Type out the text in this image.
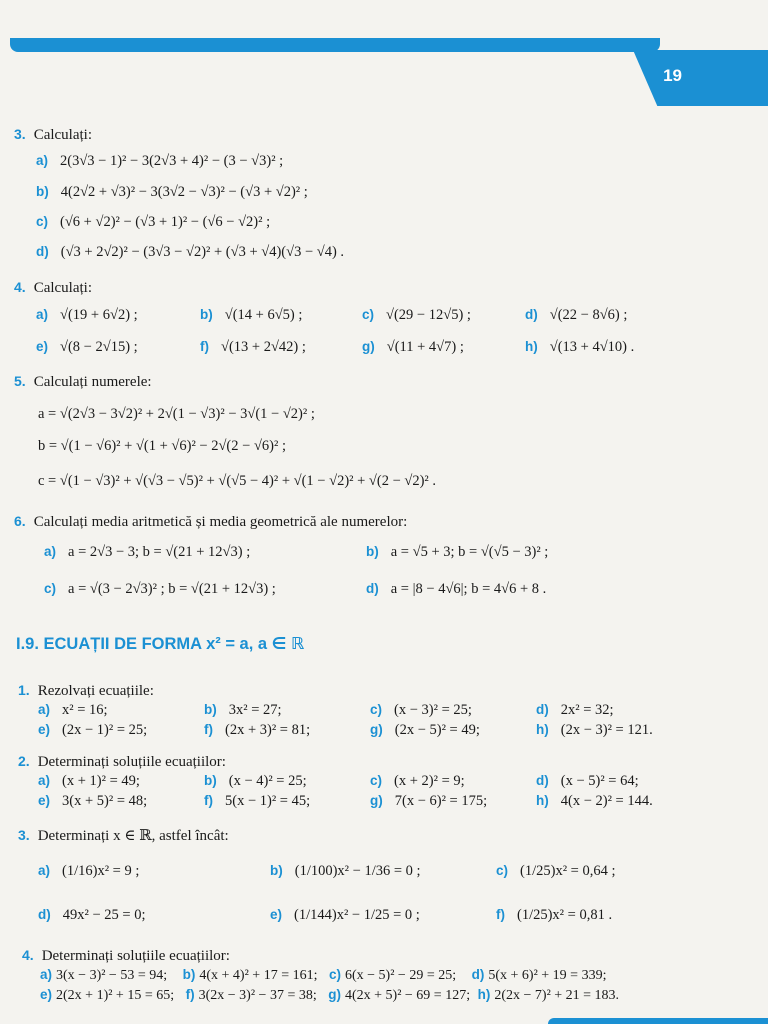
19
3. Calculați:
a) 2(3√3 − 1)² − 3(2√3 + 4)² − (3 − √3)² ;
b) 4(2√2 + √3)² − 3(3√2 − √3)² − (√3 + √2)² ;
c) (√6 + √2)² − (√3 + 1)² − (√6 − √2)² ;
d) (√3 + 2√2)² − (3√3 − √2)² + (√3 + √4)(√3 − √4) .
4. Calculați:
a) √(19 + 6√2) ;	b) √(14 + 6√5) ;	c) √(29 − 12√5) ;	d) √(22 − 8√6) ;
e) √(8 − 2√15) ;	f) √(13 + 2√42) ;	g) √(11 + 4√7) ;	h) √(13 + 4√10) .
5. Calculați numerele:
a = √(2√3 − 3√2)² + 2√(1 − √3)² − 3√(1 − √2)² ;
b = √(1 − √6)² + √(1 + √6)² − 2√(2 − √6)² ;
c = √(1 − √3)² + √(√3 − √5)² + √(√5 − 4)² + √(1 − √2)² + √(2 − √2)² .
6. Calculați media aritmetică și media geometrică ale numerelor:
a) a = 2√3 − 3; b = √(21 + 12√3) ;	b) a = √5 + 3; b = √(√5 − 3)² ;
c) a = √(3 − 2√3)² ; b = √(21 + 12√3) ;	d) a = |8 − 4√6|; b = 4√6 + 8 .
I.9. ECUAȚII DE FORMA x² = a, a ∈ ℝ
1. Rezolvați ecuațiile:
a) x² = 16;	b) 3x² = 27;	c) (x − 3)² = 25;	d) 2x² = 32;
e) (2x − 1)² = 25;	f) (2x + 3)² = 81;	g) (2x − 5)² = 49;	h) (2x − 3)² = 121.
2. Determinați soluțiile ecuațiilor:
a) (x + 1)² = 49;	b) (x − 4)² = 25;	c) (x + 2)² = 9;	d) (x − 5)² = 64;
e) 3(x + 5)² = 48;	f) 5(x − 1)² = 45;	g) 7(x − 6)² = 175;	h) 4(x − 2)² = 144.
3. Determinați x ∈ ℝ, astfel încât:
a) (1/16)x² = 9 ;	b) (1/100)x² − 1/36 = 0 ;	c) (1/25)x² = 0,64 ;
d) 49x² − 25 = 0;	e) (1/144)x² − 1/25 = 0 ;	f) (1/25)x² = 0,81 .
4. Determinați soluțiile ecuațiilor:
a) 3(x − 3)² − 53 = 94; b) 4(x + 4)² + 17 = 161; c) 6(x − 5)² − 29 = 25; d) 5(x + 6)² + 19 = 339;
e) 2(2x + 1)² + 15 = 65; f) 3(2x − 3)² − 37 = 38; g) 4(2x + 5)² − 69 = 127; h) 2(2x − 7)² + 21 = 183.
